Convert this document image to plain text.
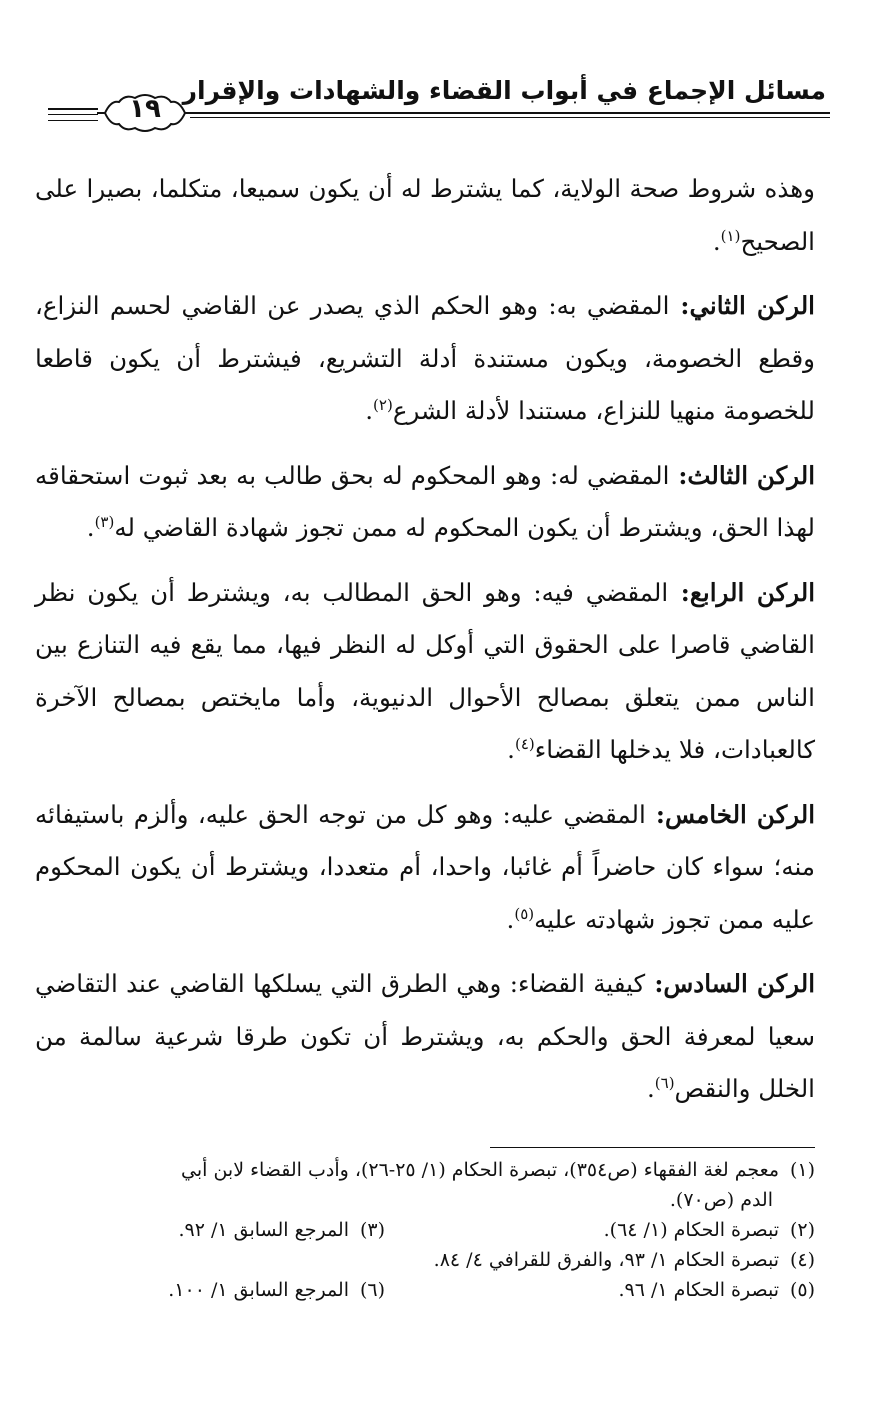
مسائل الإجماع في أبواب القضاء والشهادات والإقرار
١٩

وهذه شروط صحة الولاية، كما يشترط له أن يكون سميعا، متكلما، بصيرا على الصحيح$^{(١)}$.

الركن الثاني: المقضي به: وهو الحكم الذي يصدر عن القاضي لحسم النزاع، وقطع الخصومة، ويكون مستندة أدلة التشريع، فيشترط أن يكون قاطعا للخصومة منهيا للنزاع، مستندا لأدلة الشرع$^{(٢)}$.

الركن الثالث: المقضي له: وهو المحكوم له بحق طالب به بعد ثبوت استحقاقه لهذا الحق، ويشترط أن يكون المحكوم له ممن تجوز شهادة القاضي له$^{(٣)}$.

الركن الرابع: المقضي فيه: وهو الحق المطالب به، ويشترط أن يكون نظر القاضي قاصرا على الحقوق التي أوكل له النظر فيها، مما يقع فيه التنازع بين الناس ممن يتعلق بمصالح الأحوال الدنيوية، وأما مايختص بمصالح الآخرة كالعبادات، فلا يدخلها القضاء$^{(٤)}$.

الركن الخامس: المقضي عليه: وهو كل من توجه الحق عليه، وألزم باستيفائه منه؛ سواء كان حاضراً أم غائبا، واحدا، أم متعددا، ويشترط أن يكون المحكوم عليه ممن تجوز شهادته عليه$^{(٥)}$.

الركن السادس: كيفية القضاء: وهي الطرق التي يسلكها القاضي عند التقاضي سعيا لمعرفة الحق والحكم به، ويشترط أن تكون طرقا شرعية سالمة من الخلل والنقص$^{(٦)}$.

(١)معجم لغة الفقهاء (ص٣٥٤)، تبصرة الحكام (١/ ٢٥-٢٦)، وأدب القضاء لابن أبي
الدم (ص٧٠).
(٢)تبصرة الحكام (١/ ٦٤).
(٣)المرجع السابق ١/ ٩٢.
(٤)تبصرة الحكام ١/ ٩٣، والفرق للقرافي ٤/ ٨٤.
(٥)تبصرة الحكام ١/ ٩٦.
(٦)المرجع السابق ١/ ١٠٠.
